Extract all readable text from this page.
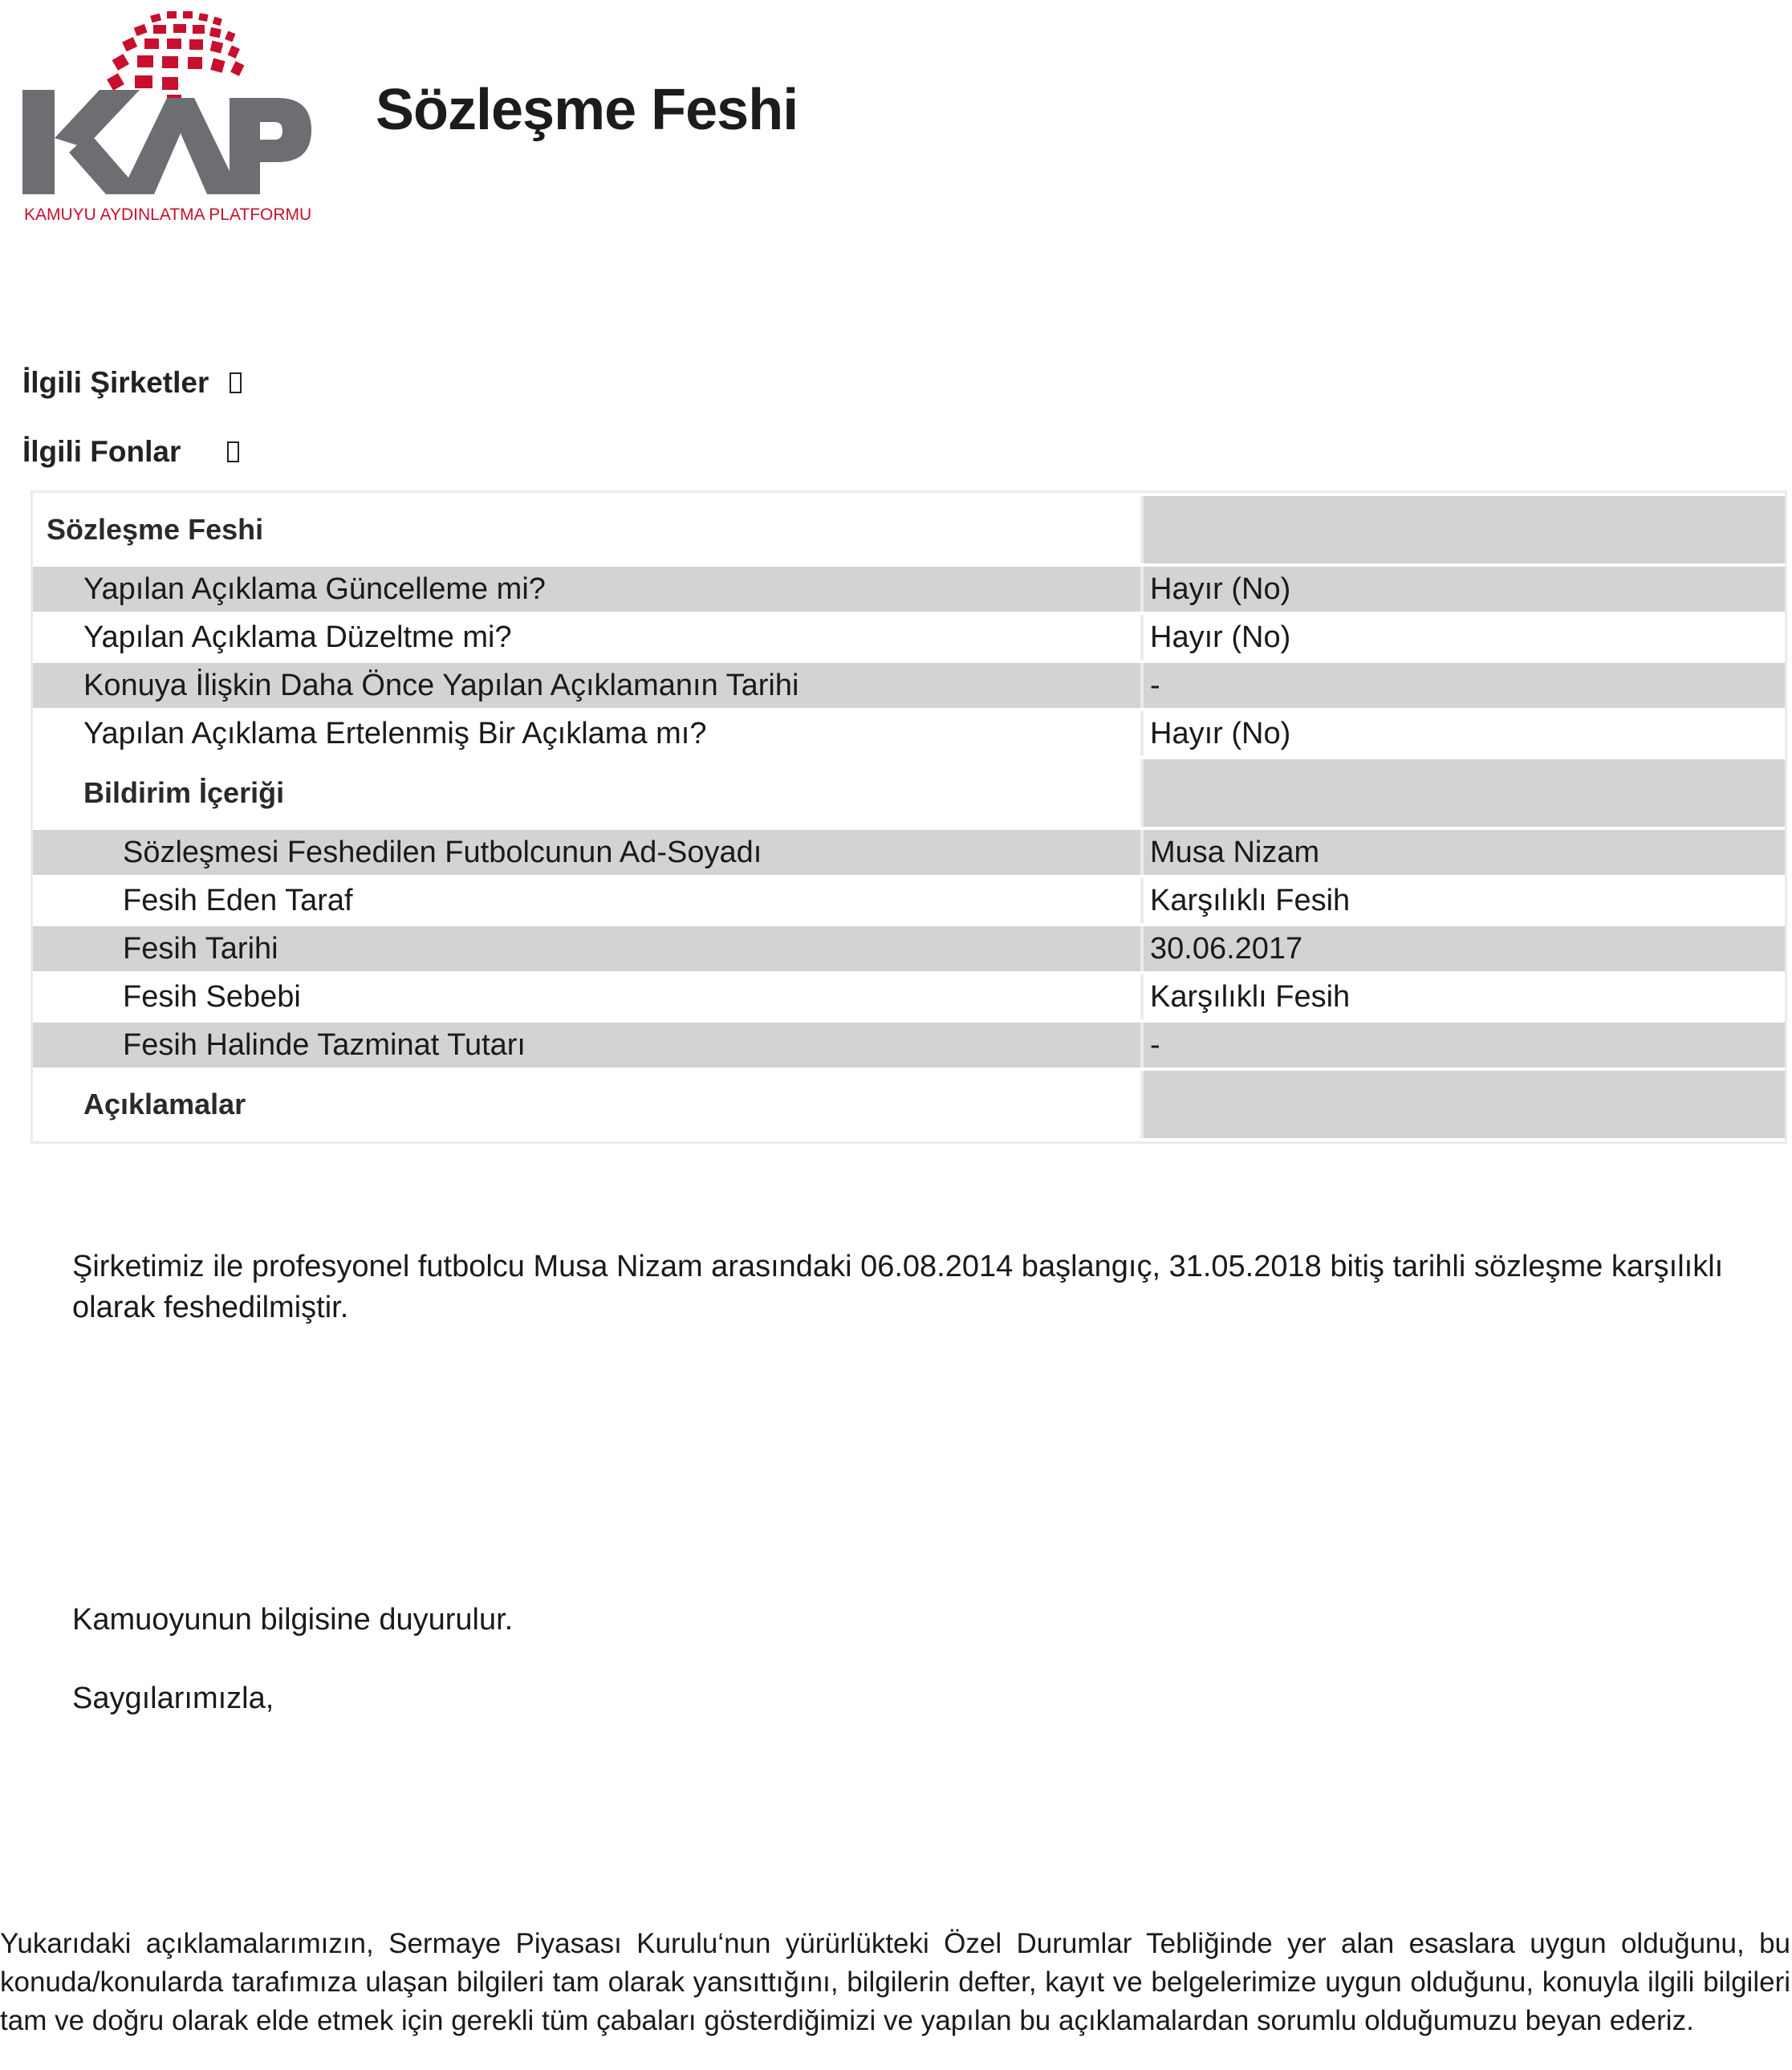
KAMUYU AYDINLATMA PLATFORMU
Sözleşme Feshi
İlgili Şirketler
İlgili Fonlar
Sözleşme Feshi	
Yapılan Açıklama Güncelleme mi?	Hayır (No)
Yapılan Açıklama Düzeltme mi?	Hayır (No)
Konuya İlişkin Daha Önce Yapılan Açıklamanın Tarihi	-
Yapılan Açıklama Ertelenmiş Bir Açıklama mı?	Hayır (No)
Bildirim İçeriği	
Sözleşmesi Feshedilen Futbolcunun Ad-Soyadı	Musa Nizam
Fesih Eden Taraf	Karşılıklı Fesih
Fesih Tarihi	30.06.2017
Fesih Sebebi	Karşılıklı Fesih
Fesih Halinde Tazminat Tutarı	-
Açıklamalar	

Şirketimiz ile profesyonel futbolcu Musa Nizam arasındaki 06.08.2014 başlangıç, 31.05.2018 bitiş tarihli sözleşme karşılıklı olarak feshedilmiştir.

Kamuoyunun bilgisine duyurulur.

Saygılarımızla,

Yukarıdaki açıklamalarımızın, Sermaye Piyasası Kurulu‘nun yürürlükteki Özel Durumlar Tebliğinde yer alan esaslara uygun olduğunu, bu konuda/konularda tarafımıza ulaşan bilgileri tam olarak yansıttığını, bilgilerin defter, kayıt ve belgelerimize uygun olduğunu, konuyla ilgili bilgileri tam ve doğru olarak elde etmek için gerekli tüm çabaları gösterdiğimizi ve yapılan bu açıklamalardan sorumlu olduğumuzu beyan ederiz.
